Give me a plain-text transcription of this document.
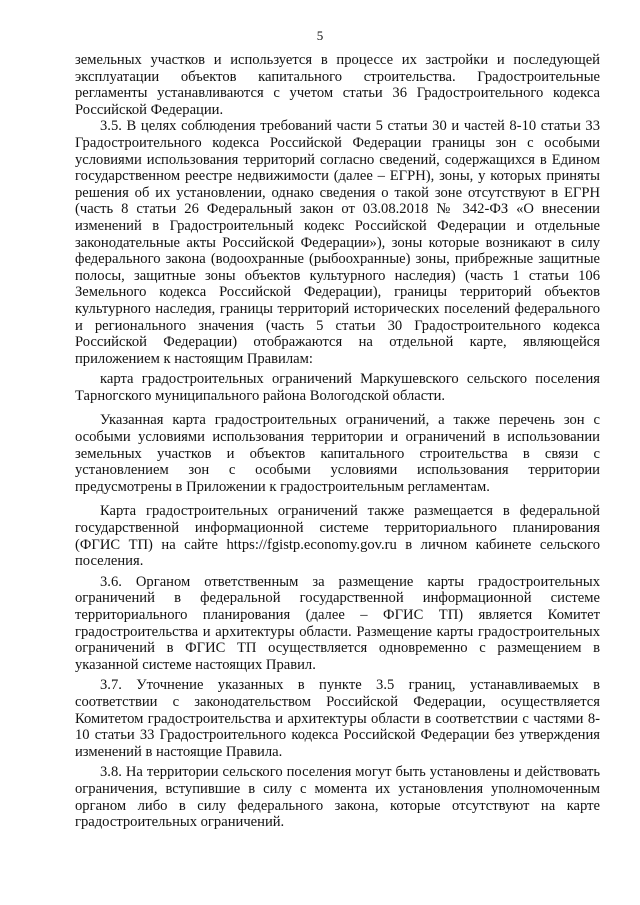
5

земельных участков и используется в процессе их застройки и последующей эксплуатации объектов капитального строительства. Градостроительные регламенты устанавливаются с учетом статьи 36 Градостроительного кодекса Российской Федерации.

3.5. В целях соблюдения требований части 5 статьи 30 и частей 8-10 статьи 33 Градостроительного кодекса Российской Федерации границы зон с особыми условиями использования территорий согласно сведений, содержащихся в Едином государственном реестре недвижимости (далее – ЕГРН), зоны, у которых приняты решения об их установлении, однако сведения о такой зоне отсутствуют в ЕГРН (часть 8 статьи 26 Федеральный закон от 03.08.2018 № 342-ФЗ «О внесении изменений в Градостроительный кодекс Российской Федерации и отдельные законодательные акты Российской Федерации»), зоны которые возникают в силу федерального закона (водоохранные (рыбоохранные) зоны, прибрежные защитные полосы, защитные зоны объектов культурного наследия) (часть 1 статьи 106 Земельного кодекса Российской Федерации), границы территорий объектов культурного наследия, границы территорий исторических поселений федерального и регионального значения (часть 5 статьи 30 Градостроительного кодекса Российской Федерации) отображаются на отдельной карте, являющейся приложением к настоящим Правилам:

карта градостроительных ограничений Маркушевского сельского поселения Тарногского муниципального района Вологодской области.

Указанная карта градостроительных ограничений, а также перечень зон с особыми условиями использования территории и ограничений в использовании земельных участков и объектов капитального строительства в связи с установлением зон с особыми условиями использования территории предусмотрены в Приложении к градостроительным регламентам.

Карта градостроительных ограничений также размещается в федеральной государственной информационной системе территориального планирования (ФГИС ТП) на сайте https://fgistp.economy.gov.ru в личном кабинете сельского поселения.

3.6. Органом ответственным за размещение карты градостроительных ограничений в федеральной государственной информационной системе территориального планирования (далее – ФГИС ТП) является Комитет градостроительства и архитектуры области. Размещение карты градостроительных ограничений в ФГИС ТП осуществляется одновременно с размещением в указанной системе настоящих Правил.

3.7. Уточнение указанных в пункте 3.5 границ, устанавливаемых в соответствии с законодательством Российской Федерации, осуществляется Комитетом градостроительства и архитектуры области в соответствии с частями 8-10 статьи 33 Градостроительного кодекса Российской Федерации без утверждения изменений в настоящие Правила.

3.8. На территории сельского поселения могут быть установлены и действовать ограничения, вступившие в силу с момента их установления уполномоченным органом либо в силу федерального закона, которые отсутствуют на карте градостроительных ограничений.
